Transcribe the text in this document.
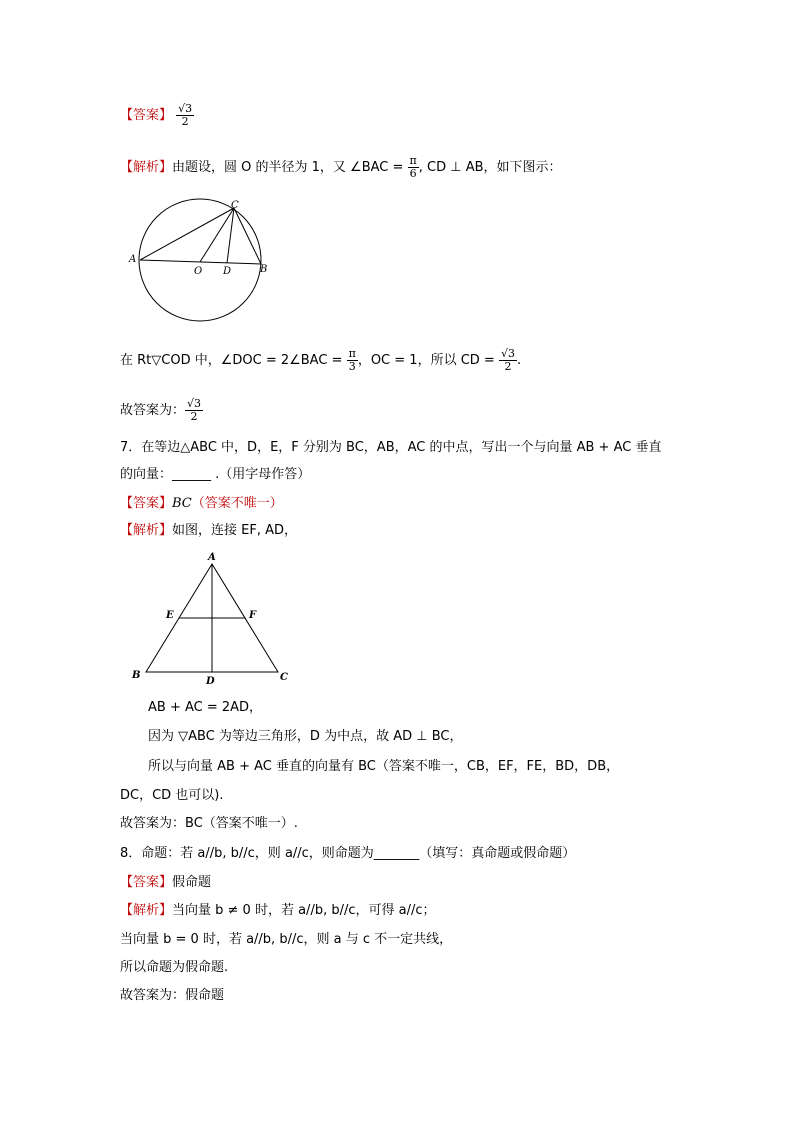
【答案】 $\frac{√3}{2}$
【解析】由题设，圆 O 的半径为 1，又 ∠BAC = $\frac{\pi}{6}$ , CD ⊥ AB，如下图示：
A
B
C
O D
在 Rt▽COD 中，∠DOC = 2∠BAC = $\frac{\pi}{3}$ ，OC = 1，所以 CD = $\frac{√3}{2}$ .
故答案为： $\frac{√3}{2}$
7．在等边△ABC 中，D，E，F 分别为 BC，AB，AC 的中点，写出一个与向量 AB + AC 垂直
的向量：______ .（用字母作答）
【答案】BC（答案不唯一）
【解析】如图，连接 EF, AD，
A
B	C
D
E	F
AB + AC = 2AD，
因为 ▽ABC 为等边三角形，D 为中点，故 AD ⊥ BC，
所以与向量 AB + AC 垂直的向量有 BC（答案不唯一，CB，EF，FE，BD，DB，
DC，CD 也可以).
故答案为：BC（答案不唯一）.
8．命题：若 a//b, b//c，则 a//c，则命题为_______（填写：真命题或假命题）
【答案】假命题
【解析】当向量 b ≠ 0 时，若 a//b, b//c，可得 a//c；
当向量 b = 0 时，若 a//b, b//c，则 a 与 c 不一定共线，
所以命题为假命题.
故答案为：假命题
